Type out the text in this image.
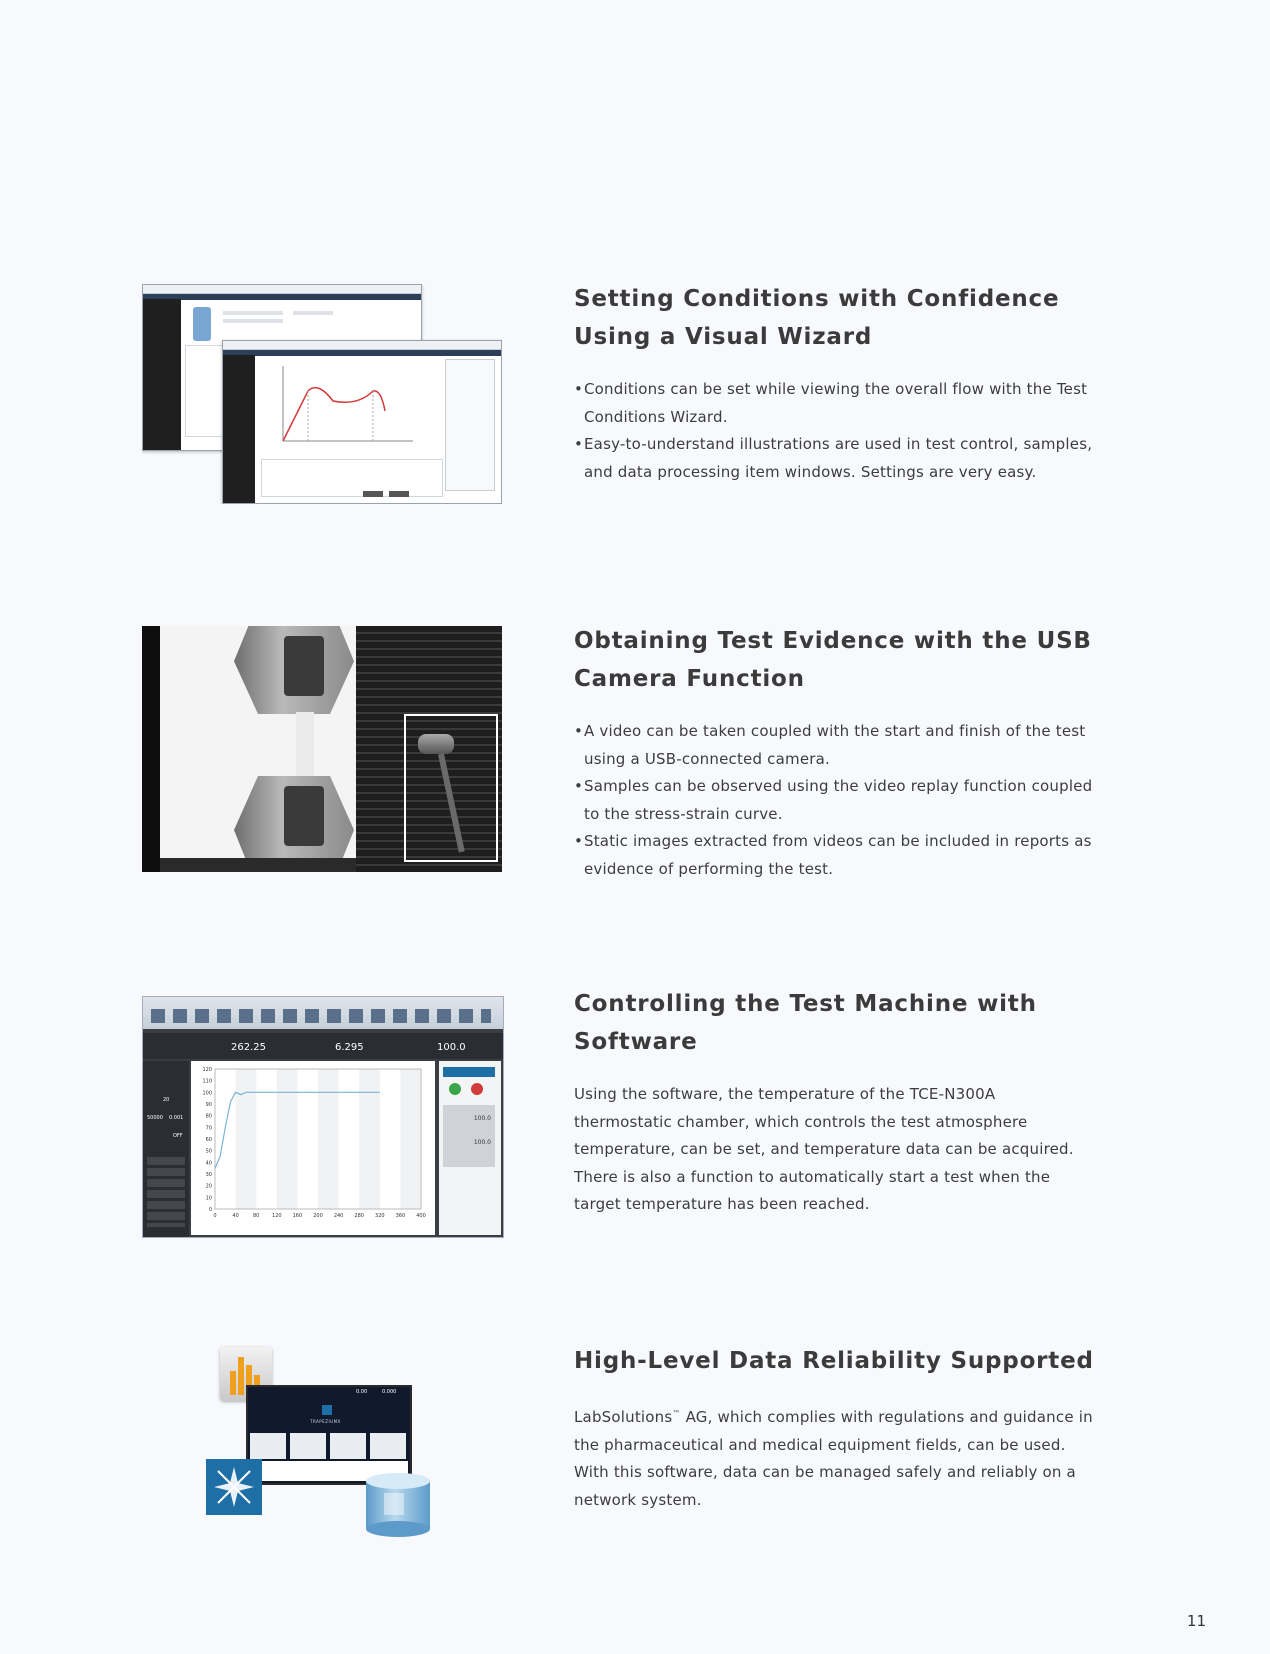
Setting Conditions with Confidence Using a Visual Wizard
• Conditions can be set while viewing the overall flow with the Test Conditions Wizard.
• Easy-to-understand illustrations are used in test control, samples, and data processing item windows. Settings are very easy.
Obtaining Test Evidence with the USB Camera Function
• A video can be taken coupled with the start and finish of the test using a USB-connected camera.
• Samples can be observed using the video replay function coupled to the stress-strain curve.
• Static images extracted from videos can be included in reports as evidence of performing the test.
262.25	6.295	100.0
20
50000 0.001
OFF
120
110
100
90
80
70
60
50
40
30
20
10
0
0	40	80	120 160 200 240 280 320 360 400
100.0
100.0
Controlling the Test Machine with Software

Using the software, the temperature of the TCE-N300A thermostatic chamber, which controls the test atmosphere temperature, can be set, and temperature data can be acquired. There is also a function to automatically start a test when the target temperature has been reached.

0.00	0.000
TRAPEZIUMX
High-Level Data Reliability Supported

LabSolutions™ AG, which complies with regulations and guidance in the pharmaceutical and medical equipment fields, can be used. With this software, data can be managed safely and reliably on a network system.

11
